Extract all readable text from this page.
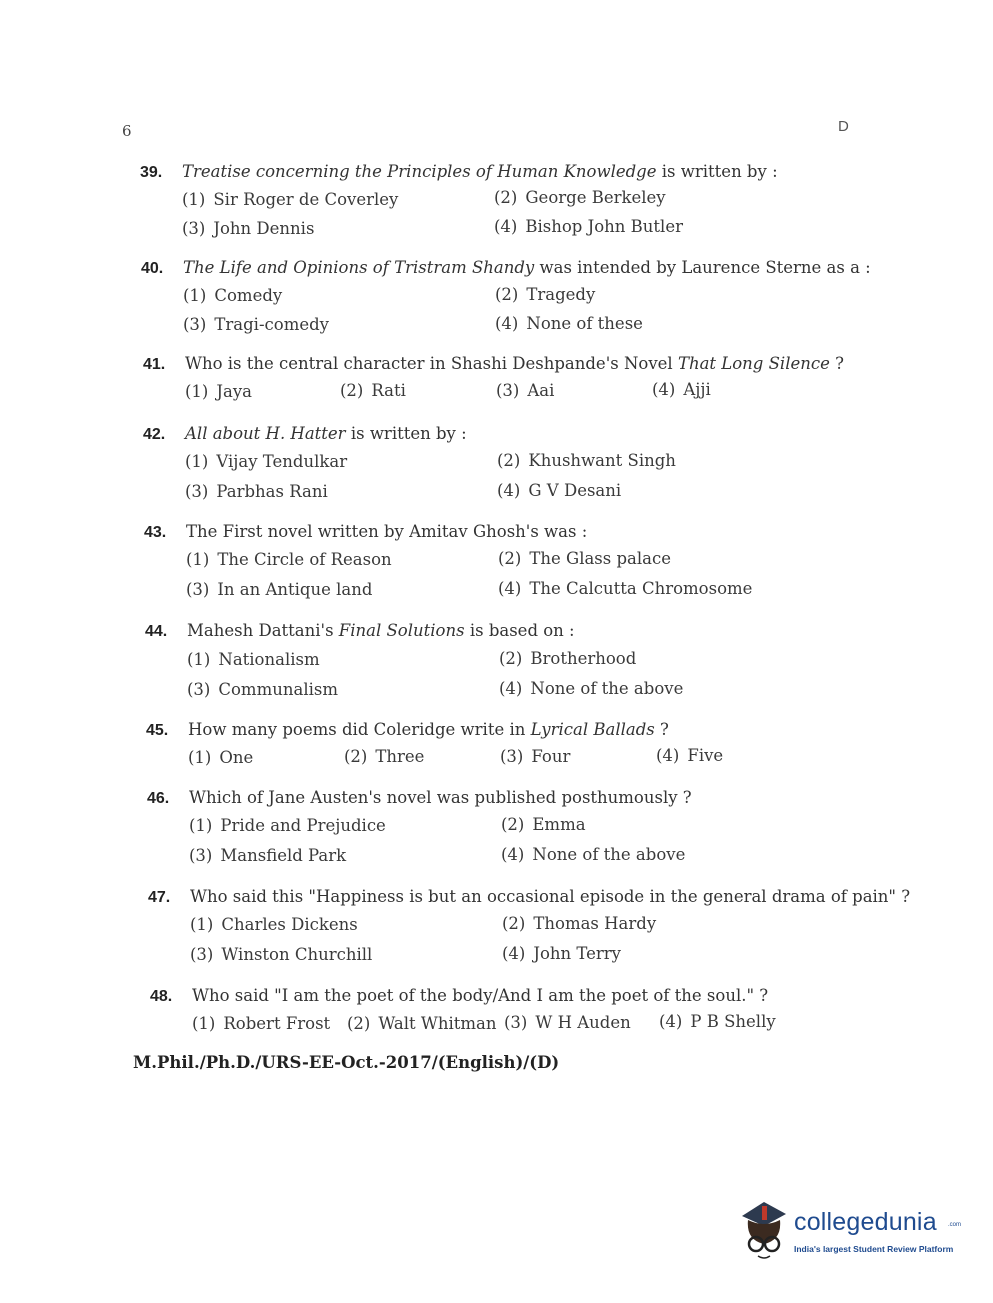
6	D
39.	Treatise concerning the Principles of Human Knowledge is written by :
(1) Sir Roger de Coverley	(2) George Berkeley
(3) John Dennis	(4) Bishop John Butler
40.	The Life and Opinions of Tristram Shandy was intended by Laurence Sterne as a :
(1) Comedy	(2) Tragedy
(3) Tragi-comedy	(4) None of these
41.	Who is the central character in Shashi Deshpande's Novel That Long Silence ?
(1) Jaya	(2) Rati	(3) Aai	(4) Ajji
42.	All about H. Hatter is written by :
(1) Vijay Tendulkar	(2) Khushwant Singh
(3) Parbhas Rani	(4) G V Desani
43.	The First novel written by Amitav Ghosh's was :
(1) The Circle of Reason	(2) The Glass palace
(3) In an Antique land	(4) The Calcutta Chromosome
44.	Mahesh Dattani's Final Solutions is based on :
(1) Nationalism	(2) Brotherhood
(3) Communalism	(4) None of the above
45.	How many poems did Coleridge write in Lyrical Ballads ?
(1) One	(2) Three	(3) Four	(4) Five
46.	Which of Jane Austen's novel was published posthumously ?
(1) Pride and Prejudice	(2) Emma
(3) Mansfield Park	(4) None of the above
47.	Who said this "Happiness is but an occasional episode in the general drama of pain" ?
(1) Charles Dickens	(2) Thomas Hardy
(3) Winston Churchill	(4) John Terry
48.	Who said "I am the poet of the body/And I am the poet of the soul." ?
(1) Robert Frost (2) Walt Whitman (3) W H Auden (4) P B Shelly
M.Phil./Ph.D./URS-EE-Oct.-2017/(English)/(D)
collegedunia .com
India's largest Student Review Platform
